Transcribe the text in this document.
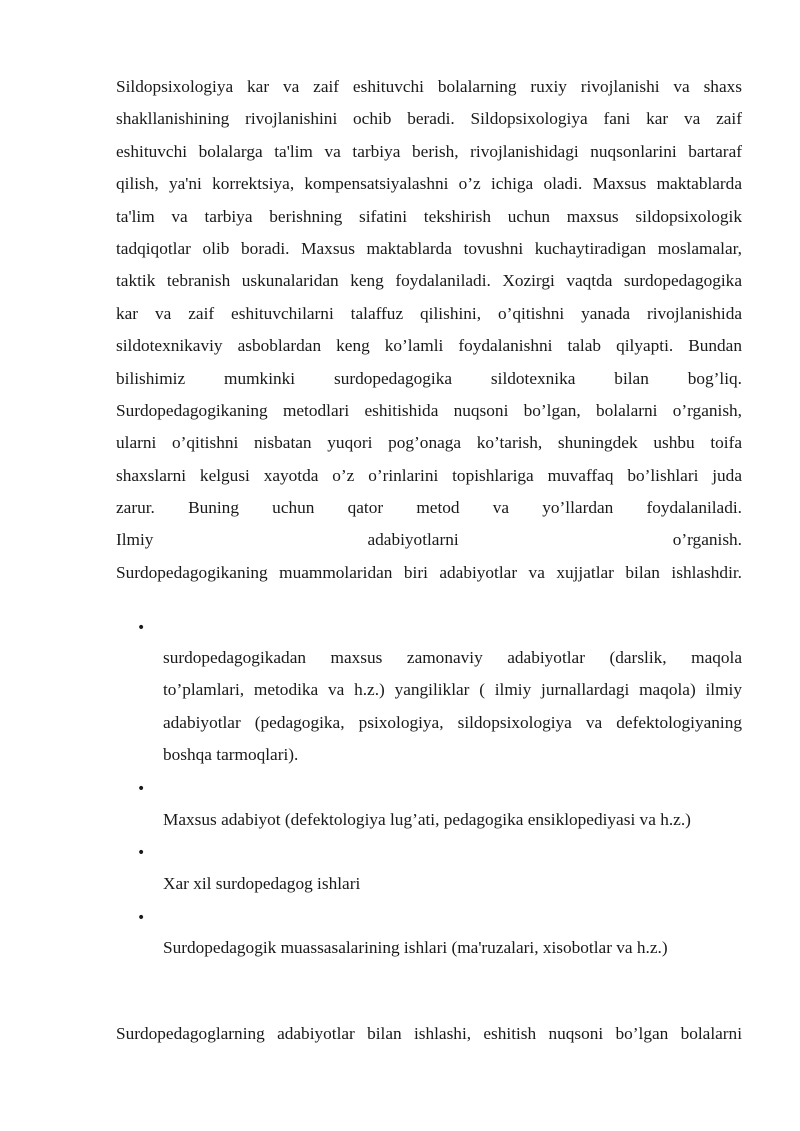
Sildopsixologiya kar va zaif eshituvchi bolalarning ruxiy rivojlanishi va shaxs
shakllanishining rivojlanishini ochib beradi. Sildopsixologiya fani kar va zaif
eshituvchi bolalarga ta'lim va tarbiya berish, rivojlanishidagi nuqsonlarini bartaraf
qilish, ya'ni korrektsiya, kompensatsiyalashni o’z ichiga oladi. Maxsus maktablarda
ta'lim va tarbiya berishning sifatini tekshirish uchun maxsus sildopsixologik
tadqiqotlar olib boradi. Maxsus maktablarda tovushni kuchaytiradigan moslamalar,
taktik tebranish uskunalaridan keng foydalaniladi. Xozirgi vaqtda surdopedagogika
kar va zaif eshituvchilarni talaffuz qilishini, o’qitishni yanada rivojlanishida
sildotexnikaviy asboblardan keng ko’lamli foydalanishni talab qilyapti. Bundan
bilishimiz mumkinki surdopedagogika sildotexnika bilan bog’liq.
Surdopedagogikaning metodlari eshitishida nuqsoni bo’lgan, bolalarni o’rganish,
ularni o’qitishni nisbatan yuqori pog’onaga ko’tarish, shuningdek ushbu toifa
shaxslarni kelgusi xayotda o’z o’rinlarini topishlariga muvaffaq bo’lishlari juda
zarur. Buning uchun qator metod va yo’llardan foydalaniladi.
Ilmiy adabiyotlarni o’rganish.
Surdopedagogikaning muammolaridan biri adabiyotlar va xujjatlar bilan ishlashdir.
•
surdopedagogikadan maxsus zamonaviy adabiyotlar (darslik, maqola
to’plamlari, metodika va h.z.) yangiliklar ( ilmiy jurnallardagi maqola) ilmiy
adabiyotlar (pedagogika, psixologiya, sildopsixologiya va defektologiyaning
boshqa tarmoqlari).
•
Maxsus adabiyot (defektologiya lug’ati, pedagogika ensiklopediyasi va h.z.)
•
Xar xil surdopedagog ishlari
•
Surdopedagogik muassasalarining ishlari (ma'ruzalari, xisobotlar va h.z.)
Surdopedagoglarning adabiyotlar bilan ishlashi, eshitish nuqsoni bo’lgan bolalarni
